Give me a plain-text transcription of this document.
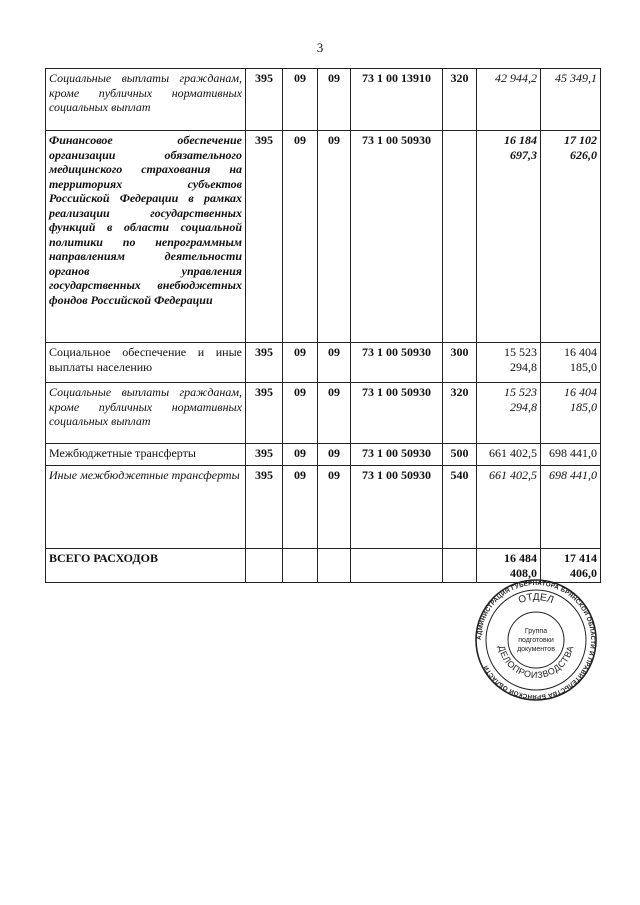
3
Социальные выплаты гражданам, кроме публичных нормативных социальных выплат	395	09	09	73 1 00 13910	320	42 944,2	45 349,1
Финансовое обеспечение организации обязательного медицинского страхования на территориях субъектов Российской Федерации в рамках реализации государственных функций в области социальной политики по непрограммным направлениям деятельности органов управления государственных внебюджетных фондов Российской Федерации	395	09	09	73 1 00 50930		16 184 697,3	17 102 626,0
Социальное обеспечение и иные выплаты населению	395	09	09	73 1 00 50930	300	15 523 294,8	16 404 185,0
Социальные выплаты гражданам, кроме публичных нормативных социальных выплат	395	09	09	73 1 00 50930	320	15 523 294,8	16 404 185,0
Межбюджетные трансферты	395	09	09	73 1 00 50930	500	661 402,5	698 441,0
Иные межбюджетные трансферты	395	09	09	73 1 00 50930	540	661 402,5	698 441,0
ВСЕГО РАСХОДОВ						16 484 408,0	17 414 406,0
АДМИНИСТРАЦИЯ ГУБЕРНАТОРА БРЯНСКОЙ ОБЛАСТИ И ПРАВИТЕЛЬСТВА БРЯНСКОЙ ОБЛАСТИ
ОТДЕЛ
ДЕЛОПРОИЗВОДСТВА
Группа
подготовки
документов
